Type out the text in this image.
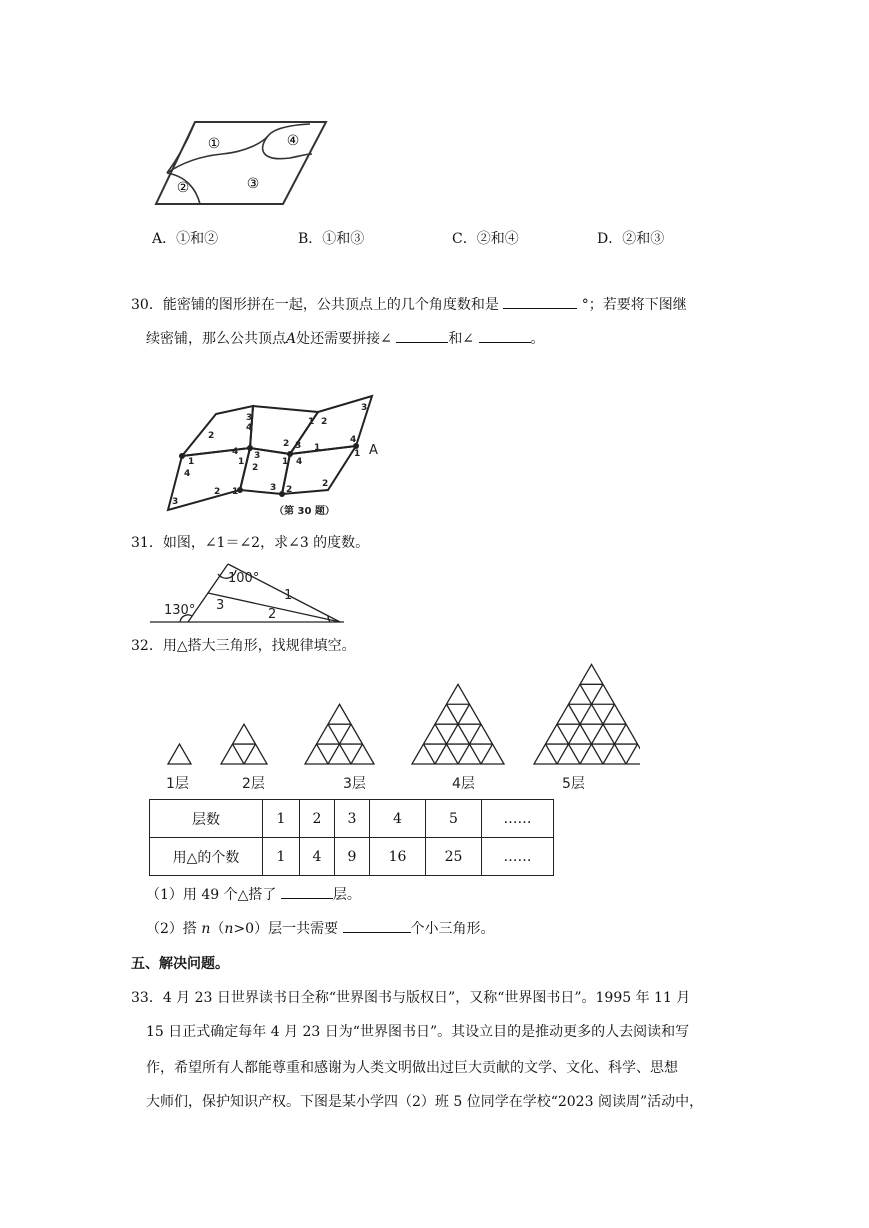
①	④
②	③
A．①和②	B．①和③	C．②和④	D．②和③
30．能密铺的图形拼在一起，公共顶点上的几个角度数和是	°；若要将下图继
续密铺，那么公共顶点A处还需要拼接∠	和∠	。
2
3
4
1 2
3
1
4
4 3
1
2
2	1
3
1 4
4
1
2 1
3
3 2
2
A
（第 30 题）
31．如图，∠1＝∠2，求∠3 的度数。
100°
130° 3
1
2
32．用△搭大三角形，找规律填空。
1层	2层	3层	4层	5层
层数	1	2	3	4	5	……
用△的个数	1	4	9	16	25	……
（1）用 49 个△搭了	层。
（2）搭 n（n>0）层一共需要	个小三角形。
五、解决问题。
33．4 月 23 日世界读书日全称“世界图书与版权日”，又称“世界图书日”。1995 年 11 月
15 日正式确定每年 4 月 23 日为“世界图书日”。其设立目的是推动更多的人去阅读和写
作，希望所有人都能尊重和感谢为人类文明做出过巨大贡献的文学、文化、科学、思想
大师们，保护知识产权。下图是某小学四（2）班 5 位同学在学校“2023 阅读周”活动中，
